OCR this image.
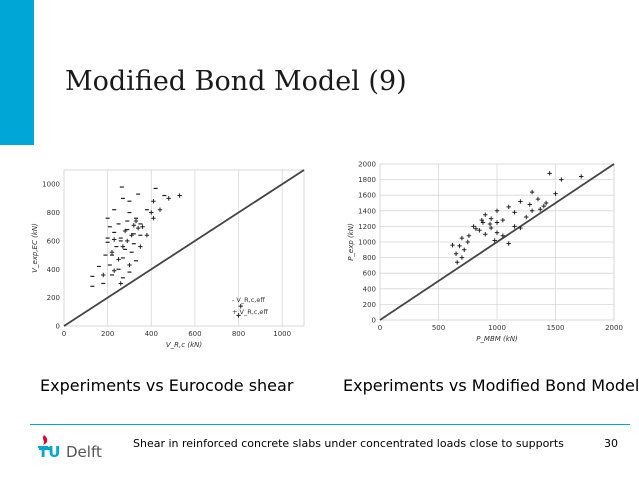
Modified Bond Model (9)
0	200	400	600	800	1000
0
200
400
600
800
1000
V_R,c (kN)
V_exp,EC (kN)
- V_R,c,eff
+ V_R,c,eff
0	500	1000	1500	2000
0
200
400
600
800
1000
1200
1400
1600
1800
2000
P_MBM (kN)
P_exp (kN)
Experiments vs Eurocode shear	Experiments vs Modified Bond Model
TU Delft	Shear in reinforced concrete slabs under concentrated loads close to supports	30
